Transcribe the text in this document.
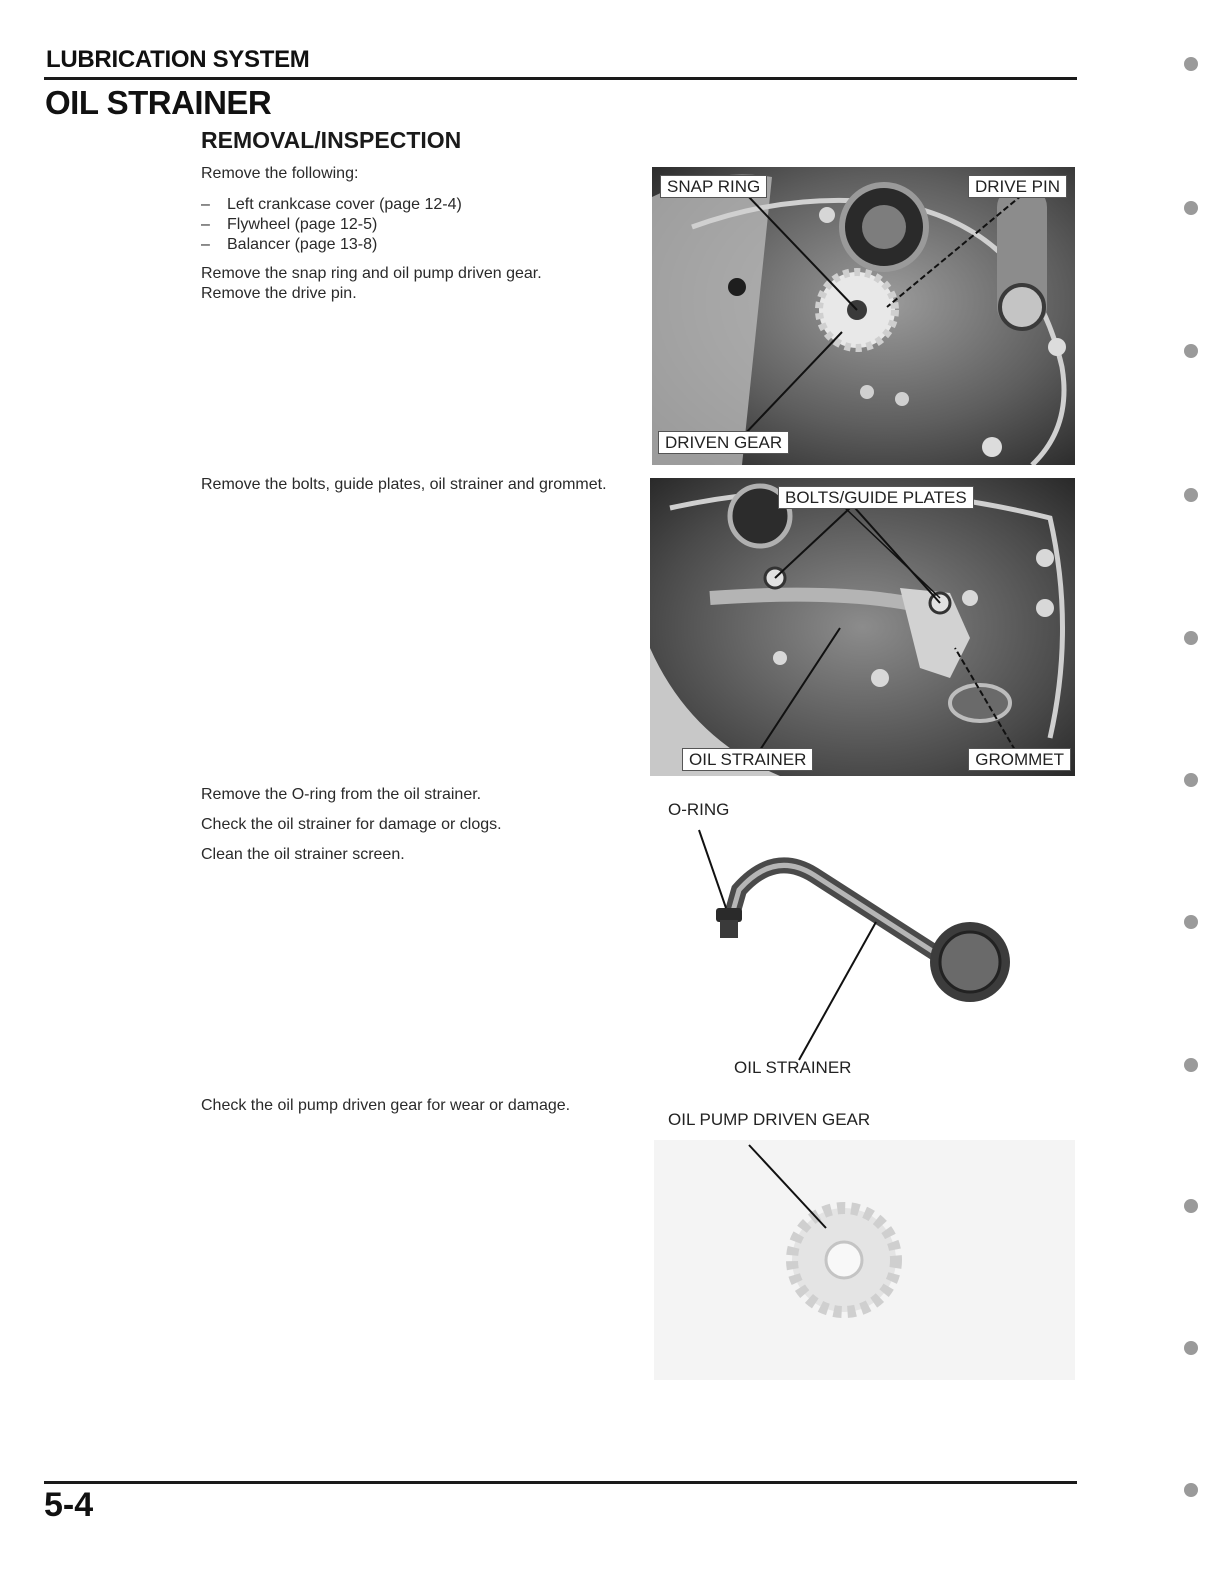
LUBRICATION SYSTEM
OIL STRAINER
REMOVAL/INSPECTION
Remove the following:
– Left crankcase cover (page 12-4)
– Flywheel (page 12-5)
– Balancer (page 13-8)
Remove the snap ring and oil pump driven gear.
Remove the drive pin.
Remove the bolts, guide plates, oil strainer and grommet.
Remove the O-ring from the oil strainer.
Check the oil strainer for damage or clogs.
Clean the oil strainer screen.
Check the oil pump driven gear for wear or damage.
SNAP RING	DRIVE PIN
DRIVEN GEAR
BOLTS/GUIDE PLATES
OIL STRAINER	GROMMET
O-RING
OIL STRAINER
OIL PUMP DRIVEN GEAR
5-4
